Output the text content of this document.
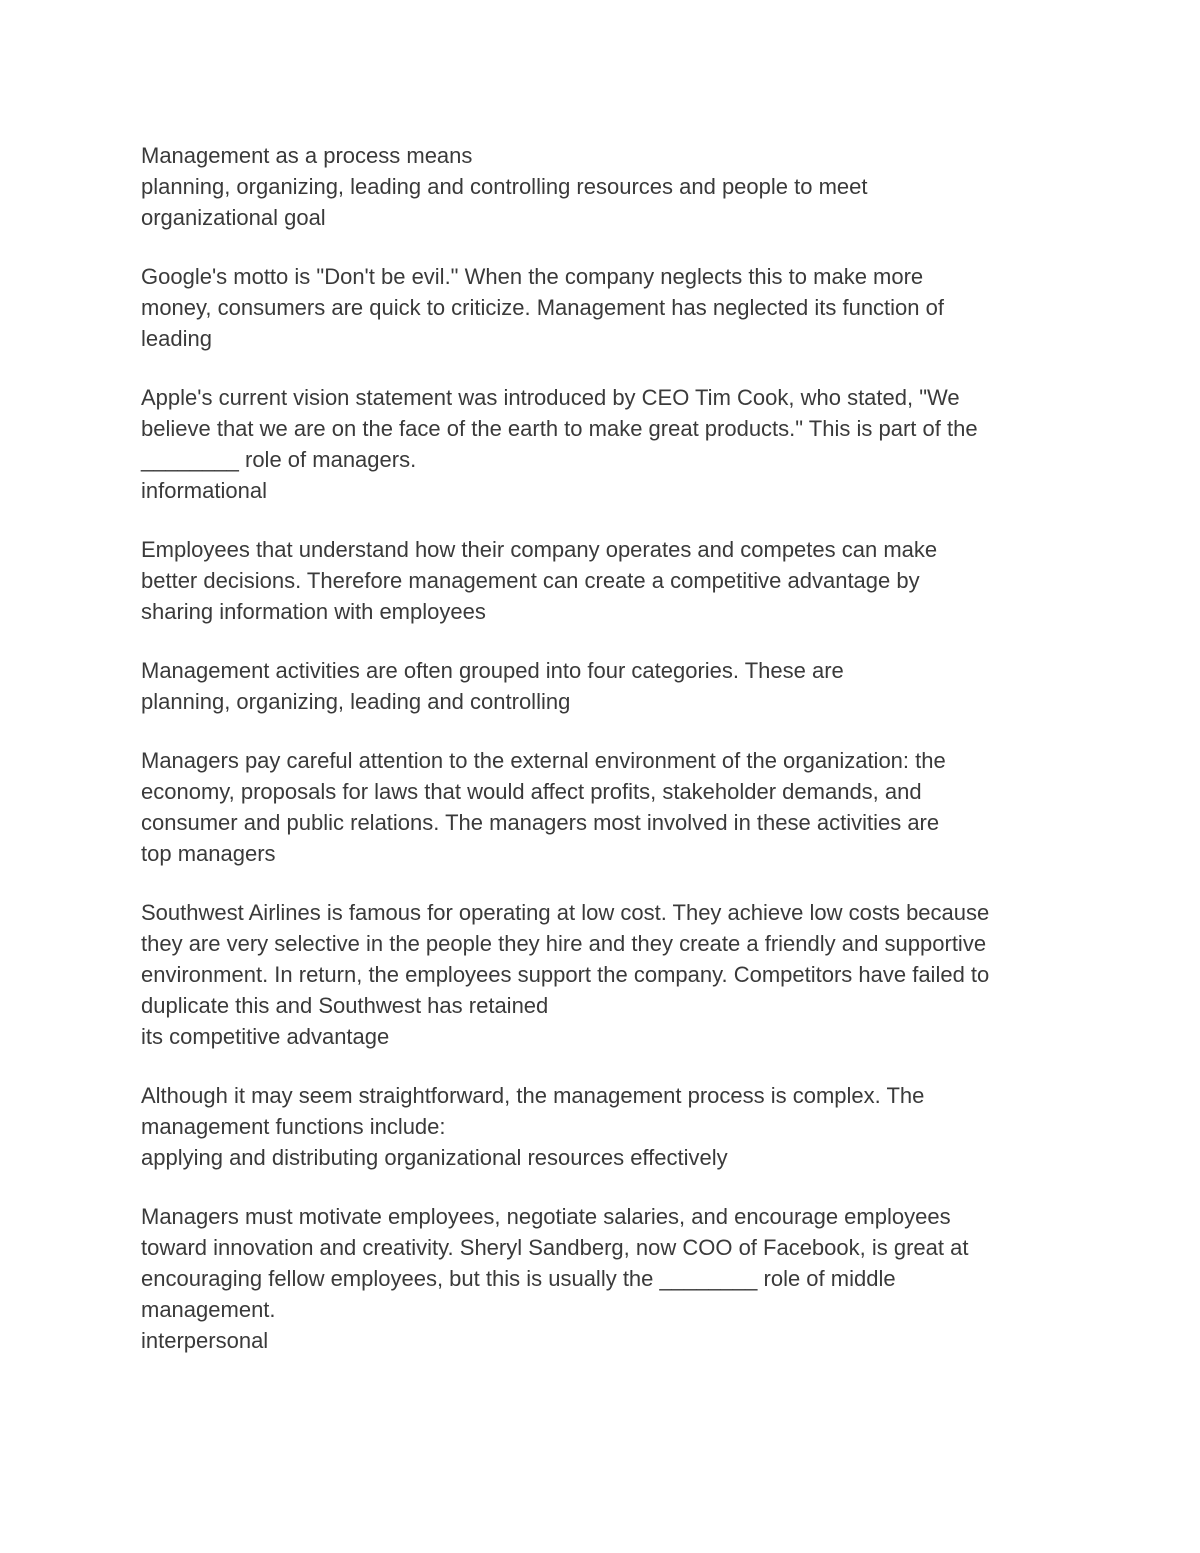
Management as a process means
planning, organizing, leading and controlling resources and people to meet
organizational goal
Google's motto is "Don't be evil." When the company neglects this to make more
money, consumers are quick to criticize. Management has neglected its function of
leading
Apple's current vision statement was introduced by CEO Tim Cook, who stated, "We
believe that we are on the face of the earth to make great products." This is part of the
________ role of managers.
informational
Employees that understand how their company operates and competes can make
better decisions. Therefore management can create a competitive advantage by
sharing information with employees
Management activities are often grouped into four categories. These are
planning, organizing, leading and controlling
Managers pay careful attention to the external environment of the organization: the
economy, proposals for laws that would affect profits, stakeholder demands, and
consumer and public relations. The managers most involved in these activities are
top managers
Southwest Airlines is famous for operating at low cost. They achieve low costs because
they are very selective in the people they hire and they create a friendly and supportive
environment. In return, the employees support the company. Competitors have failed to
duplicate this and Southwest has retained
its competitive advantage
Although it may seem straightforward, the management process is complex. The
management functions include:
applying and distributing organizational resources effectively
Managers must motivate employees, negotiate salaries, and encourage employees
toward innovation and creativity. Sheryl Sandberg, now COO of Facebook, is great at
encouraging fellow employees, but this is usually the ________ role of middle
management.
interpersonal
